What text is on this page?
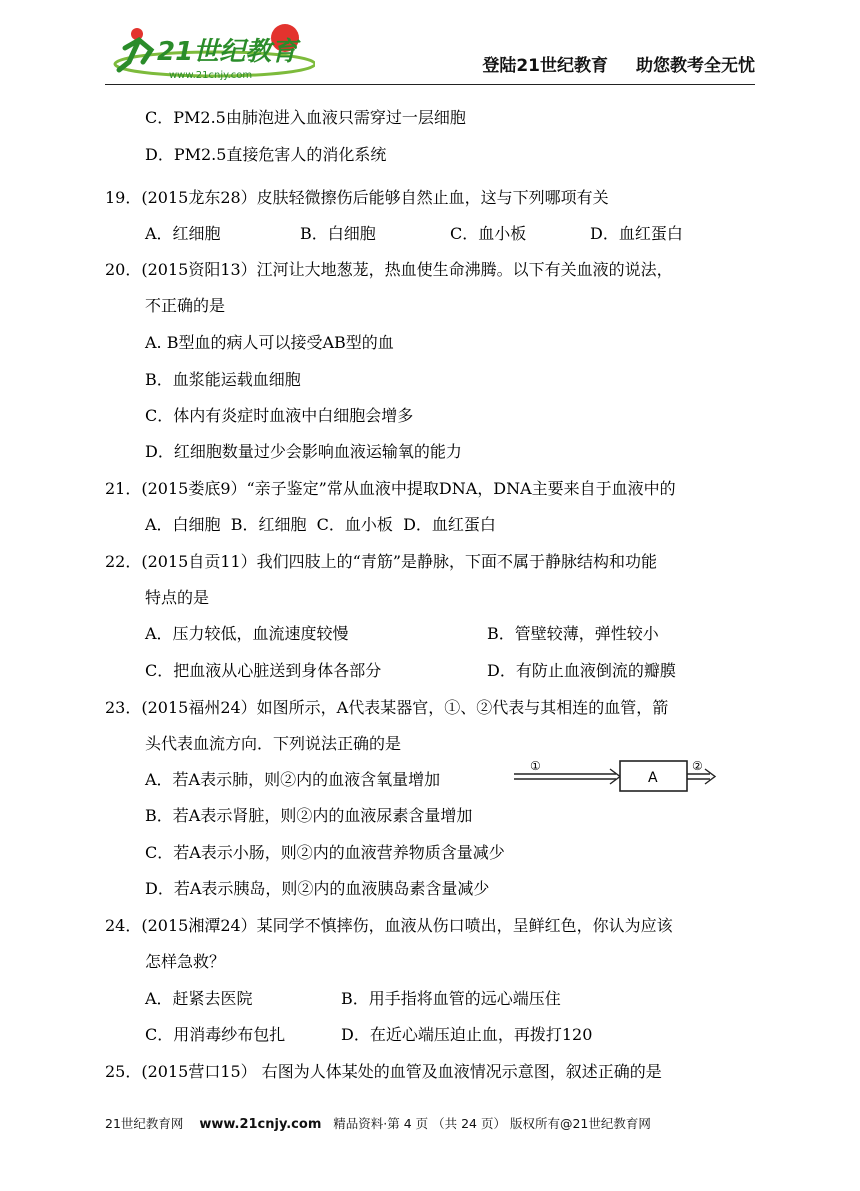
21世纪教育
www.21cnjy.com	登陆21世纪教育 助您教考全无忧
C．PM2.5由肺泡进入血液只需穿过一层细胞
D．PM2.5直接危害人的消化系统
19．(2015龙东28）皮肤轻微擦伤后能够自然止血，这与下列哪项有关
A．红细胞	B．白细胞	C．血小板	D．血红蛋白
20．(2015资阳13）江河让大地葱茏，热血使生命沸腾。以下有关血液的说法，
不正确的是
A. B型血的病人可以接受AB型的血
B．血浆能运载血细胞
C．体内有炎症时血液中白细胞会增多
D．红细胞数量过少会影响血液运输氧的能力
21．(2015娄底9）“亲子鉴定”常从血液中提取DNA，DNA主要来自于血液中的
A．白细胞  B．红细胞  C．血小板  D．血红蛋白
22．(2015自贡11）我们四肢上的“青筋”是静脉，下面不属于静脉结构和功能
特点的是
A．压力较低，血流速度较慢	B．管壁较薄，弹性较小
C．把血液从心脏送到身体各部分	D．有防止血液倒流的瓣膜
23．(2015福州24）如图所示，A代表某器官，①、②代表与其相连的血管，箭
头代表血流方向．下列说法正确的是
A．若A表示肺，则②内的血液含氧量增加
B．若A表示肾脏，则②内的血液尿素含量增加
C．若A表示小肠，则②内的血液营养物质含量减少
D．若A表示胰岛，则②内的血液胰岛素含量减少
24．(2015湘潭24）某同学不慎摔伤，血液从伤口喷出，呈鲜红色，你认为应该
怎样急救？
A．赶紧去医院	B．用手指将血管的远心端压住
C．用消毒纱布包扎	D．在近心端压迫止血，再拨打120
25．(2015营口15） 右图为人体某处的血管及血液情况示意图，叙述正确的是
①
A
②
21世纪教育网 www.21cnjy.com 精品资料·第 4 页 （共 24 页） 版权所有@21世纪教育网
